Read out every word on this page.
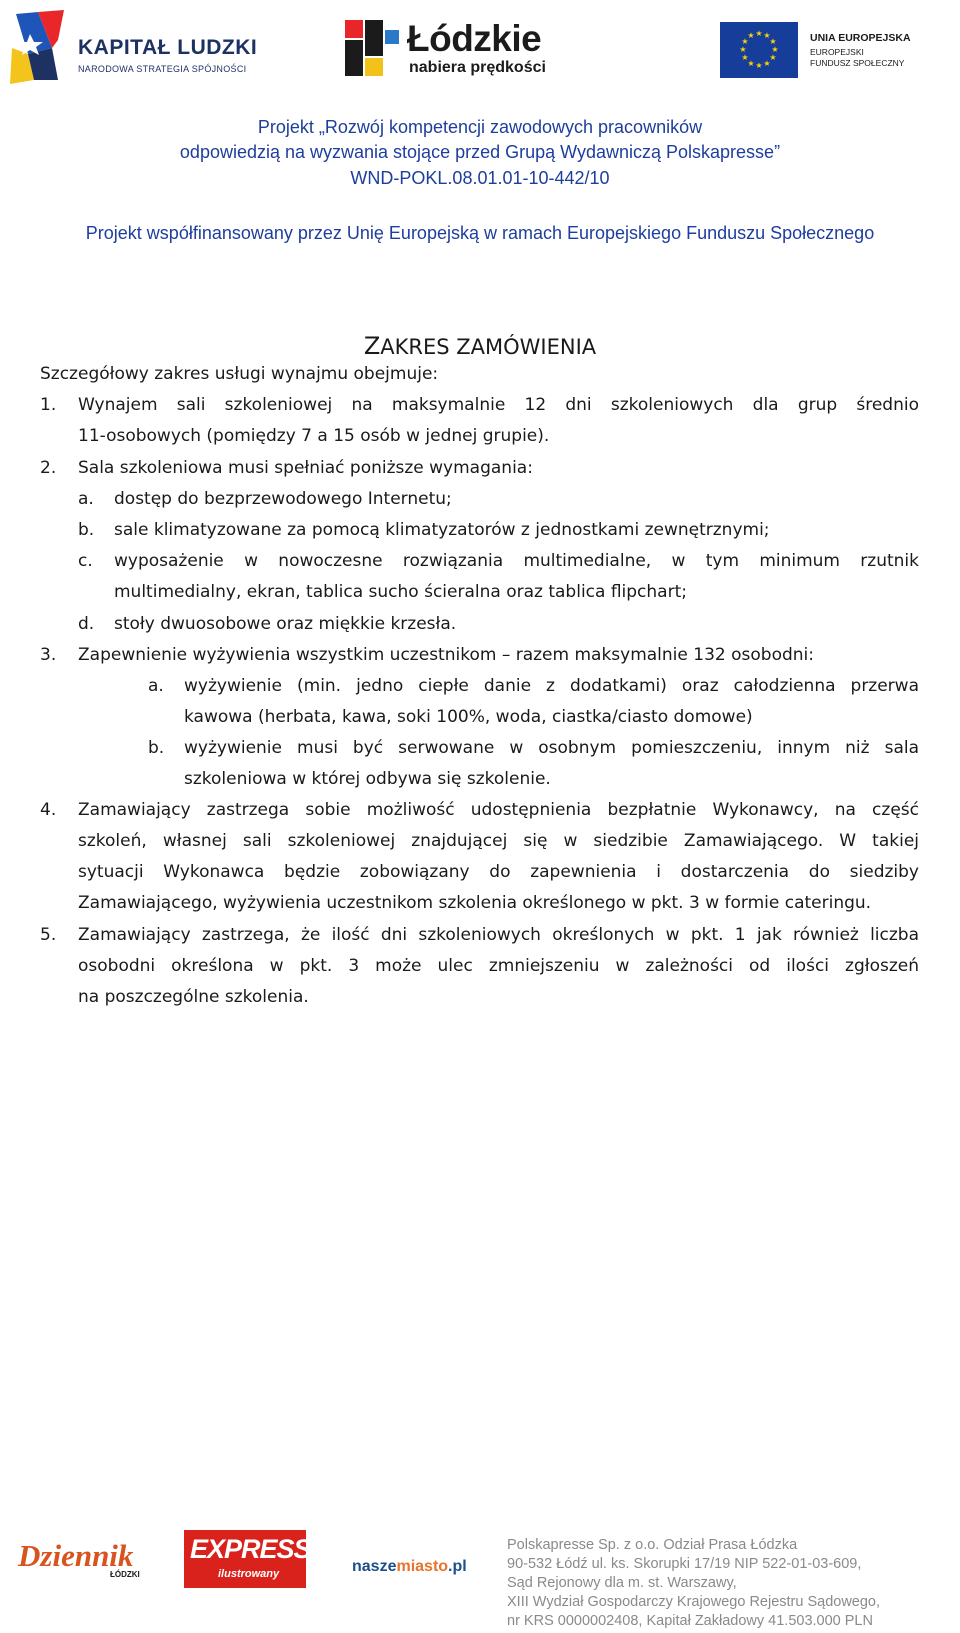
KAPITAŁ LUDZKI
NARODOWA STRATEGIA SPÓJNOŚCI
Łódzkie
nabiera prędkości
★ ★
★
★
★
★
★
★
★
★
★
★	UNIA EUROPEJSKA
EUROPEJSKI
FUNDUSZ SPOŁECZNY
Projekt „Rozwój kompetencji zawodowych pracowników
odpowiedzią na wyzwania stojące przed Grupą Wydawniczą Polskapresse”
WND-POKL.08.01.01-10-442/10
Projekt współfinansowany przez Unię Europejską w ramach Europejskiego Funduszu Społecznego
ZAKRES ZAMÓWIENIA
Szczegółowy zakres usługi wynajmu obejmuje:
1. Wynajem sali szkoleniowej na maksymalnie 12 dni szkoleniowych dla grup średnio
11-osobowych (pomiędzy 7 a 15 osób w jednej grupie).
2. Sala szkoleniowa musi spełniać poniższe wymagania:
a. dostęp do bezprzewodowego Internetu;
b. sale klimatyzowane za pomocą klimatyzatorów z jednostkami zewnętrznymi;
c. wyposażenie w nowoczesne rozwiązania multimedialne, w tym minimum rzutnik
multimedialny, ekran, tablica sucho ścieralna oraz tablica flipchart;
d. stoły dwuosobowe oraz miękkie krzesła.
3. Zapewnienie wyżywienia wszystkim uczestnikom – razem maksymalnie 132 osobodni:
a. wyżywienie (min. jedno ciepłe danie z dodatkami) oraz całodzienna przerwa
kawowa (herbata, kawa, soki 100%, woda, ciastka/ciasto domowe)
b. wyżywienie musi być serwowane w osobnym pomieszczeniu, innym niż sala
szkoleniowa w której odbywa się szkolenie.
4. Zamawiający zastrzega sobie możliwość udostępnienia bezpłatnie Wykonawcy, na część
szkoleń, własnej sali szkoleniowej znajdującej się w siedzibie Zamawiającego. W takiej
sytuacji Wykonawca będzie zobowiązany do zapewnienia i dostarczenia do siedziby
Zamawiającego, wyżywienia uczestnikom szkolenia określonego w pkt. 3 w formie cateringu.
5. Zamawiający zastrzega, że ilość dni szkoleniowych określonych w pkt. 1 jak również liczba
osobodni określona w pkt. 3 może ulec zmniejszeniu w zależności od ilości zgłoszeń
na poszczególne szkolenia.
Dziennik
ŁÓDZKI
EXPRESS
ilustrowany	naszemiasto.pl
Polskapresse Sp. z o.o. Odział Prasa Łódzka
90-532 Łódź ul. ks. Skorupki 17/19 NIP 522-01-03-609,
Sąd Rejonowy dla m. st. Warszawy,
XIII Wydział Gospodarczy Krajowego Rejestru Sądowego,
nr KRS 0000002408, Kapitał Zakładowy 41.503.000 PLN
